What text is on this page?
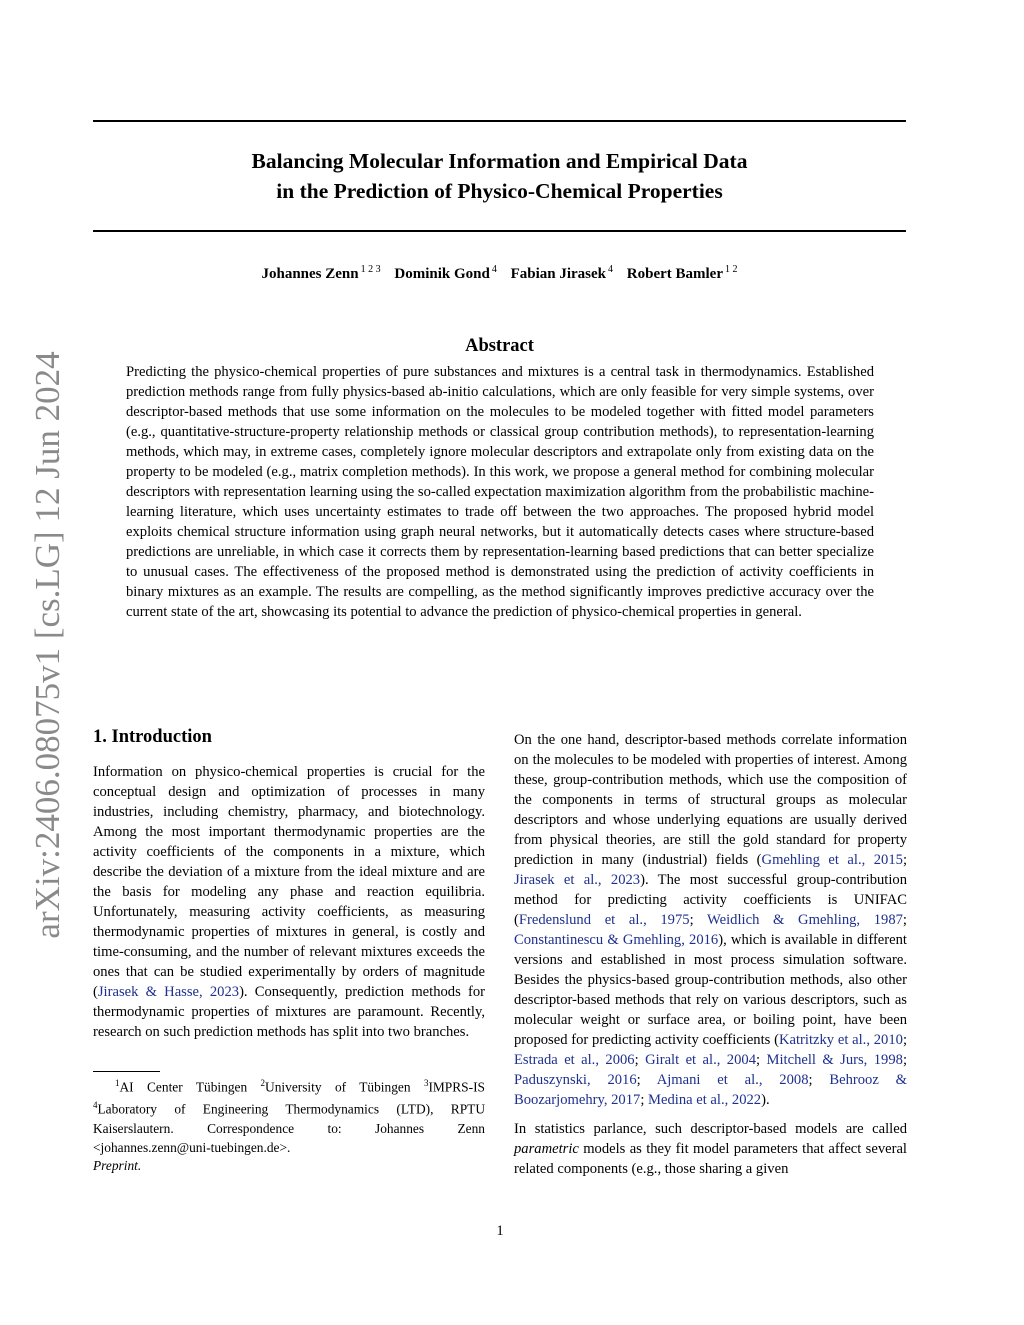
arXiv:2406.08075v1 [cs.LG] 12 Jun 2024
Balancing Molecular Information and Empirical Data
in the Prediction of Physico-Chemical Properties
Johannes Zenn $^{1 2 3}$ Dominik Gond $^4$ Fabian Jirasek $^4$ Robert Bamler $^{1 2}$
Abstract

Predicting the physico-chemical properties of pure substances and mixtures is a central task in thermodynamics. Established prediction methods range from fully physics-based ab-initio calculations, which are only feasible for very simple systems, over descriptor-based methods that use some information on the molecules to be modeled together with fitted model parameters (e.g., quantitative-structure-property relationship methods or classical group contribution methods), to representation-learning methods, which may, in extreme cases, completely ignore molecular descriptors and extrapolate only from existing data on the property to be modeled (e.g., matrix completion methods). In this work, we propose a general method for combining molecular descriptors with representation learning using the so-called expectation maximization algorithm from the probabilistic machine-learning literature, which uses uncertainty estimates to trade off between the two approaches. The proposed hybrid model exploits chemical structure information using graph neural networks, but it automatically detects cases where structure-based predictions are unreliable, in which case it corrects them by representation-learning based predictions that can better specialize to unusual cases. The effectiveness of the proposed method is demonstrated using the prediction of activity coefficients in binary mixtures as an example. The results are compelling, as the method significantly improves predictive accuracy over the current state of the art, showcasing its potential to advance the prediction of physico-chemical properties in general.

1. Introduction

Information on physico-chemical properties is crucial for the conceptual design and optimization of processes in many industries, including chemistry, pharmacy, and biotechnology. Among the most important thermodynamic properties are the activity coefficients of the components in a mixture, which describe the deviation of a mixture from the ideal mixture and are the basis for modeling any phase and reaction equilibria. Unfortunately, measuring activity coefficients, as measuring thermodynamic properties of mixtures in general, is costly and time-consuming, and the number of relevant mixtures exceeds the ones that can be studied experimentally by orders of magnitude (Jirasek & Hasse, 2023). Consequently, prediction methods for thermodynamic properties of mixtures are paramount. Recently, research on such prediction methods has split into two branches.

$^1$AI Center Tübingen $^2$University of Tübingen $^3$IMPRS-IS $^4$Laboratory of Engineering Thermodynamics (LTD), RPTU Kaiserslautern. Correspondence to: Johannes Zenn <johannes.zenn@uni-tuebingen.de>.

Preprint.

On the one hand, descriptor-based methods correlate information on the molecules to be modeled with properties of interest. Among these, group-contribution methods, which use the composition of the components in terms of structural groups as molecular descriptors and whose underlying equations are usually derived from physical theories, are still the gold standard for property prediction in many (industrial) fields (Gmehling et al., 2015; Jirasek et al., 2023). The most successful group-contribution method for predicting activity coefficients is UNIFAC (Fredenslund et al., 1975; Weidlich & Gmehling, 1987; Constantinescu & Gmehling, 2016), which is available in different versions and established in most process simulation software. Besides the physics-based group-contribution methods, also other descriptor-based methods that rely on various descriptors, such as molecular weight or surface area, or boiling point, have been proposed for predicting activity coefficients (Katritzky et al., 2010; Estrada et al., 2006; Giralt et al., 2004; Mitchell & Jurs, 1998; Paduszynski, 2016; Ajmani et al., 2008; Behrooz & Boozarjomehry, 2017; Medina et al., 2022).

In statistics parlance, such descriptor-based models are called parametric models as they fit model parameters that affect several related components (e.g., those sharing a given

1
